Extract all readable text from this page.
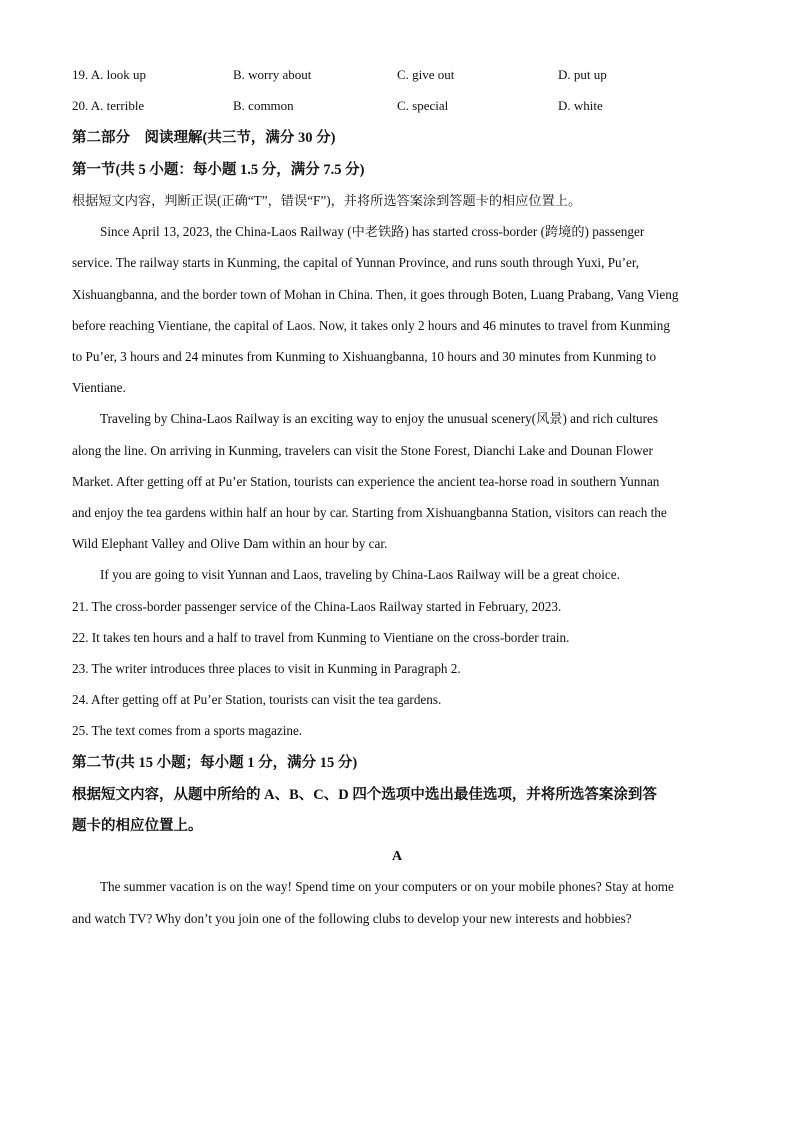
19. A. look up	B. worry about	C. give out	D. put up
20. A. terrible	B. common	C. special	D. white
第二部分　阅读理解(共三节，满分 30 分)
第一节(共 5 小题：每小题 1.5 分，满分 7.5 分)
根据短文内容，判断正误(正确“T”，错误“F”)，并将所选答案涂到答题卡的相应位置上。
Since April 13, 2023, the China-Laos Railway (中老铁路) has started cross-border (跨境的) passenger
service. The railway starts in Kunming, the capital of Yunnan Province, and runs south through Yuxi, Pu’er,
Xishuangbanna, and the border town of Mohan in China. Then, it goes through Boten, Luang Prabang, Vang Vieng
before reaching Vientiane, the capital of Laos. Now, it takes only 2 hours and 46 minutes to travel from Kunming
to Pu’er, 3 hours and 24 minutes from Kunming to Xishuangbanna, 10 hours and 30 minutes from Kunming to
Vientiane.
Traveling by China-Laos Railway is an exciting way to enjoy the unusual scenery(风景) and rich cultures
along the line. On arriving in Kunming, travelers can visit the Stone Forest, Dianchi Lake and Dounan Flower
Market. After getting off at Pu’er Station, tourists can experience the ancient tea-horse road in southern Yunnan
and enjoy the tea gardens within half an hour by car. Starting from Xishuangbanna Station, visitors can reach the
Wild Elephant Valley and Olive Dam within an hour by car.
If you are going to visit Yunnan and Laos, traveling by China-Laos Railway will be a great choice.
21. The cross-border passenger service of the China-Laos Railway started in February, 2023.
22. It takes ten hours and a half to travel from Kunming to Vientiane on the cross-border train.
23. The writer introduces three places to visit in Kunming in Paragraph 2.
24. After getting off at Pu’er Station, tourists can visit the tea gardens.
25. The text comes from a sports magazine.
第二节(共 15 小题；每小题 1 分，满分 15 分)
根据短文内容，从题中所给的 A、B、C、D 四个选项中选出最佳选项，并将所选答案涂到答
题卡的相应位置上。
A
The summer vacation is on the way! Spend time on your computers or on your mobile phones? Stay at home
and watch TV? Why don’t you join one of the following clubs to develop your new interests and hobbies?
